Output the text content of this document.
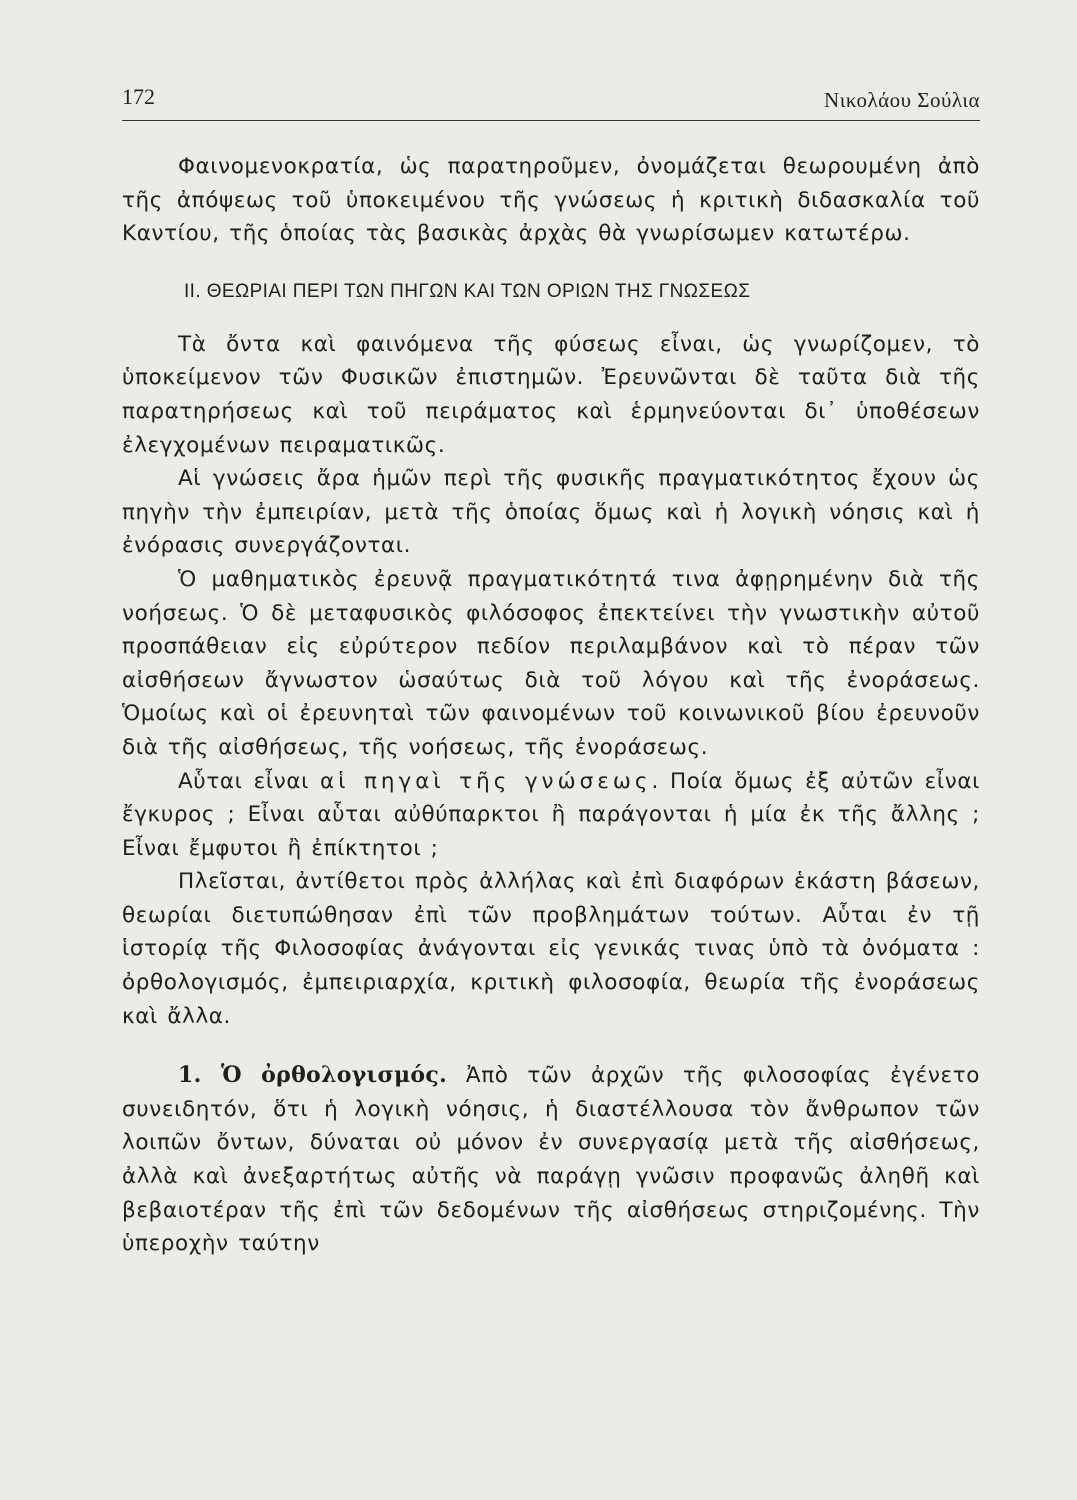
172	Νικολάου Σούλια

Φαινομενοκρατία, ὡς παρατηροῦμεν, ὀνομάζεται θεωρουμένη ἀπὸ τῆς ἀπόψεως τοῦ ὑποκειμένου τῆς γνώσεως ἡ κριτικὴ διδασκαλία τοῦ Καντίου, τῆς ὁποίας τὰς βασικὰς ἀρχὰς θὰ γνωρίσωμεν κατωτέρω.

II. ΘΕΩΡΙΑΙ ΠΕΡΙ ΤΩΝ ΠΗΓΩΝ ΚΑΙ ΤΩΝ ΟΡΙΩΝ ΤΗΣ ΓΝΩΣΕΩΣ

Τὰ ὄντα καὶ φαινόμενα τῆς φύσεως εἶναι, ὡς γνωρίζομεν, τὸ ὑποκείμενον τῶν Φυσικῶν ἐπιστημῶν. Ἐρευνῶνται δὲ ταῦτα διὰ τῆς παρατηρήσεως καὶ τοῦ πειράματος καὶ ἑρμηνεύονται δι᾽ ὑποθέσεων ἐλεγχομένων πειραματικῶς.

Αἱ γνώσεις ἄρα ἡμῶν περὶ τῆς φυσικῆς πραγματικότητος ἔχουν ὡς πηγὴν τὴν ἐμπειρίαν, μετὰ τῆς ὁποίας ὅμως καὶ ἡ λογικὴ νόησις καὶ ἡ ἐνόρασις συνεργάζονται.

Ὁ μαθηματικὸς ἐρευνᾷ πραγματικότητά τινα ἀφῃρημένην διὰ τῆς νοήσεως. Ὁ δὲ μεταφυσικὸς φιλόσοφος ἐπεκτείνει τὴν γνωστικὴν αὐτοῦ προσπάθειαν εἰς εὐρύτερον πεδίον περιλαμβάνον καὶ τὸ πέραν τῶν αἰσθήσεων ἄγνωστον ὡσαύτως διὰ τοῦ λόγου καὶ τῆς ἐνοράσεως. Ὁμοίως καὶ οἱ ἐρευνηταὶ τῶν φαινομένων τοῦ κοινωνικοῦ βίου ἐρευνοῦν διὰ τῆς αἰσθήσεως, τῆς νοήσεως, τῆς ἐνοράσεως.

Αὗται εἶναι αἱ πηγαὶ τῆς γνώσεως. Ποία ὅμως ἐξ αὐτῶν εἶναι ἔγκυρος ; Εἶναι αὗται αὐθύπαρκτοι ἢ παράγονται ἡ μία ἐκ τῆς ἄλλης ; Εἶναι ἔμφυτοι ἢ ἐπίκτητοι ;

Πλεῖσται, ἀντίθετοι πρὸς ἀλλήλας καὶ ἐπὶ διαφόρων ἑκάστη βάσεων, θεωρίαι διετυπώθησαν ἐπὶ τῶν προβλημάτων τούτων. Αὗται ἐν τῇ ἱστορίᾳ τῆς Φιλοσοφίας ἀνάγονται εἰς γενικάς τινας ὑπὸ τὰ ὀνόματα : ὀρθολογισμός, ἐμπειριαρχία, κριτικὴ φιλοσοφία, θεωρία τῆς ἐνοράσεως καὶ ἄλλα.

1. Ὁ ὀρθολογισμός. Ἀπὸ τῶν ἀρχῶν τῆς φιλοσοφίας ἐγένετο συνειδητόν, ὅτι ἡ λογικὴ νόησις, ἡ διαστέλλουσα τὸν ἄνθρωπον τῶν λοιπῶν ὄντων, δύναται οὐ μόνον ἐν συνεργασίᾳ μετὰ τῆς αἰσθήσεως, ἀλλὰ καὶ ἀνεξαρτήτως αὐτῆς νὰ παράγῃ γνῶσιν προφανῶς ἀληθῆ καὶ βεβαιοτέραν τῆς ἐπὶ τῶν δεδομένων τῆς αἰσθήσεως στηριζομένης. Τὴν ὑπεροχὴν ταύτην
